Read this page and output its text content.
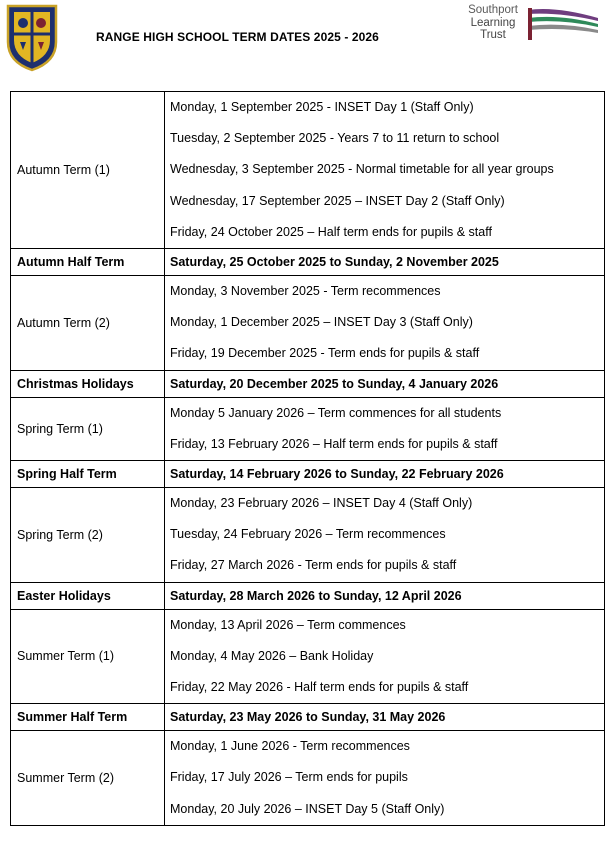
RANGE HIGH SCHOOL TERM DATES 2025 - 2026
Southport
Learning
Trust
Autumn Term (1)	Monday, 1 September 2025 - INSET Day 1 (Staff Only)
Tuesday, 2 September 2025 - Years 7 to 11 return to school
Wednesday, 3 September 2025 - Normal timetable for all year groups
Wednesday, 17 September 2025 – INSET Day 2 (Staff Only)
Friday, 24 October 2025 – Half term ends for pupils & staff

Autumn Half Term	Saturday, 25 October 2025 to Sunday, 2 November 2025

Autumn Term (2)	Monday, 3 November 2025 - Term recommences
Monday, 1 December 2025 – INSET Day 3 (Staff Only)
Friday, 19 December 2025 - Term ends for pupils & staff

Christmas Holidays	Saturday, 20 December 2025 to Sunday, 4 January 2026

Spring Term (1)	Monday 5 January 2026 – Term commences for all students
Friday, 13 February 2026 – Half term ends for pupils & staff

Spring Half Term	Saturday, 14 February 2026 to Sunday, 22 February 2026

Spring Term (2)	Monday, 23 February 2026 – INSET Day 4 (Staff Only)
Tuesday, 24 February 2026 – Term recommences
Friday, 27 March 2026 - Term ends for pupils & staff

Easter Holidays	Saturday, 28 March 2026 to Sunday, 12 April 2026

Summer Term (1)	Monday, 13 April 2026 – Term commences
Monday, 4 May 2026 – Bank Holiday
Friday, 22 May 2026 - Half term ends for pupils & staff

Summer Half Term	Saturday, 23 May 2026 to Sunday, 31 May 2026

Summer Term (2)	Monday, 1 June 2026 - Term recommences
Friday, 17 July 2026 – Term ends for pupils
Monday, 20 July 2026 – INSET Day 5 (Staff Only)
